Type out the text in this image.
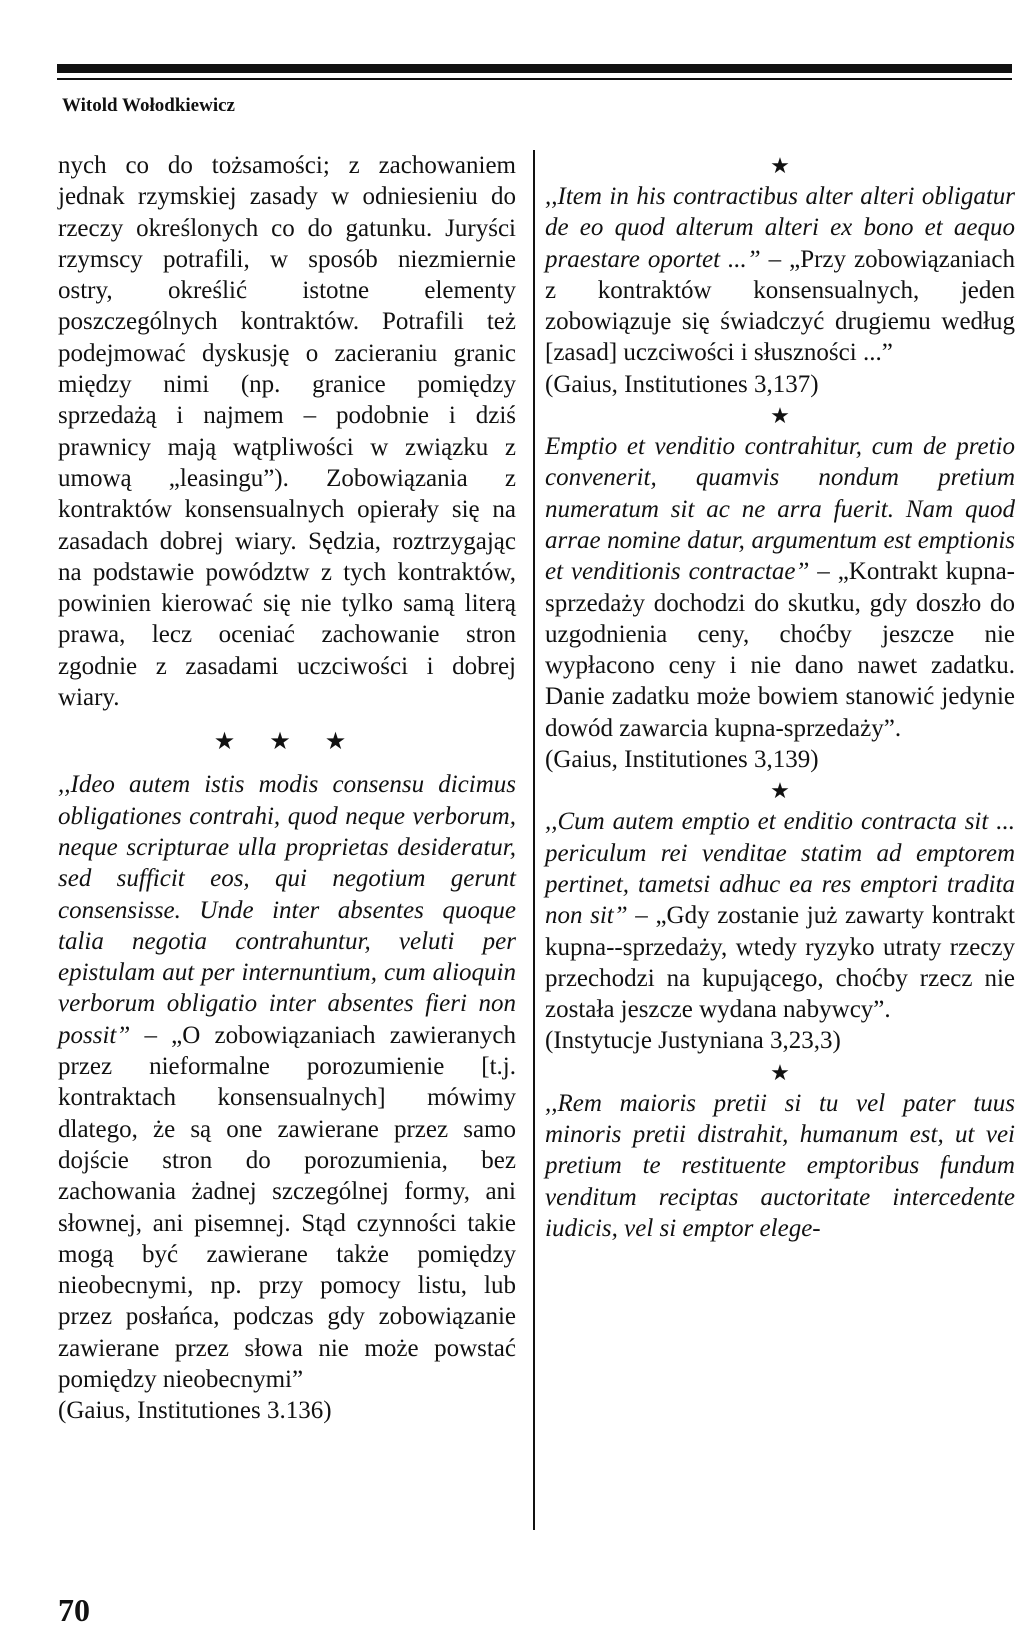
Witold Wołodkiewicz

nych co do tożsamości; z zachowaniem jednak rzymskiej zasady w odniesieniu do rzeczy określonych co do gatunku. Juryści rzymscy potrafili, w sposób niezmiernie ostry, określić istotne elementy poszczególnych kontraktów. Potrafili też podejmować dyskusję o zacieraniu granic między nimi (np. granice pomiędzy sprzedażą i najmem – podobnie i dziś prawnicy mają wątpliwości w związku z umową „leasingu”). Zobowiązania z kontraktów konsensualnych opierały się na zasadach dobrej wiary. Sędzia, roztrzygając na podstawie powództw z tych kontraktów, powinien kierować się nie tylko samą literą prawa, lecz oceniać zachowanie stron zgodnie z zasadami uczciwości i dobrej wiary.

★ ★ ★

,,Ideo autem istis modis consensu dicimus obligationes contrahi, quod neque verborum, neque scripturae ulla proprietas desideratur, sed sufficit eos, qui negotium gerunt consensisse. Unde inter absentes quoque talia negotia contrahuntur, veluti per epistulam aut per internuntium, cum alioquin verborum obligatio inter absentes fieri non possit” – „O zobowiązaniach zawieranych przez nieformalne porozumienie [t.j. kontraktach konsensualnych] mówimy dlatego, że są one zawierane przez samo dojście stron do porozumienia, bez zachowania żadnej szczególnej formy, ani słownej, ani pisemnej. Stąd czynności takie mogą być zawierane także pomiędzy nieobecnymi, np. przy pomocy listu, lub przez posłańca, podczas gdy zobowiązanie zawierane przez słowa nie może powstać pomiędzy nieobecnymi”

(Gaius, Institutiones 3.136)

★

,,Item in his contractibus alter alteri obligatur de eo quod alterum alteri ex bono et aequo praestare oportet ...” – „Przy zobowiązaniach z kontraktów konsensualnych, jeden zobowiązuje się świadczyć drugiemu według [zasad] uczciwości i słuszności ...”

(Gaius, Institutiones 3,137)

★

Emptio et venditio contrahitur, cum de pretio convenerit, quamvis nondum pretium numeratum sit ac ne arra fuerit. Nam quod arrae nomine datur, argumentum est emptionis et venditionis contractae” – „Kontrakt kupna-sprzedaży dochodzi do skutku, gdy doszło do uzgodnienia ceny, choćby jeszcze nie wypłacono ceny i nie dano nawet zadatku. Danie zadatku może bowiem stanowić jedynie dowód zawarcia kupna-sprzedaży”.

(Gaius, Institutiones 3,139)

★

,,Cum autem emptio et enditio contracta sit ... periculum rei venditae statim ad emptorem pertinet, tametsi adhuc ea res emptori tradita non sit” – „Gdy zostanie już zawarty kontrakt kupna--sprzedaży, wtedy ryzyko utraty rzeczy przechodzi na kupującego, choćby rzecz nie została jeszcze wydana nabywcy”.

(Instytucje Justyniana 3,23,3)

★

,,Rem maioris pretii si tu vel pater tuus minoris pretii distrahit, humanum est, ut vei pretium te restituente emptoribus fundum venditum reciptas auctoritate intercedente iudicis, vel si emptor elege-

70
